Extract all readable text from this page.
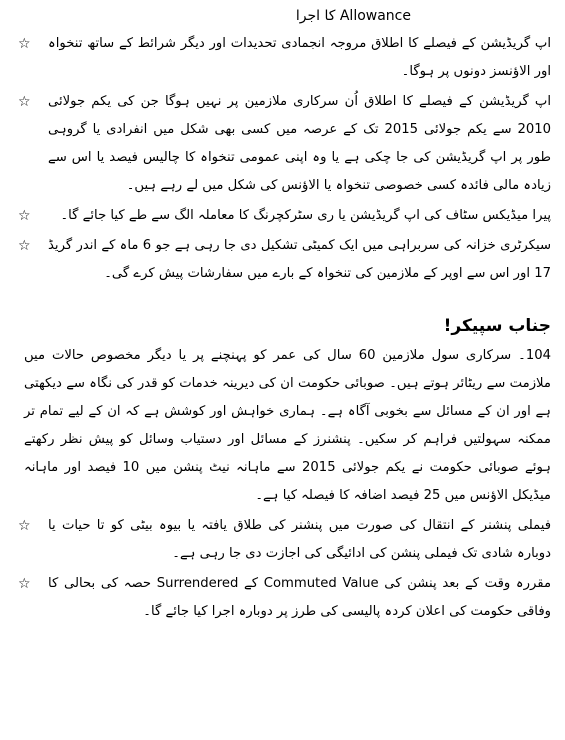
Allowance کا اجرا
☆ اپ گریڈیشن کے فیصلے کا اطلاق مروجہ انجمادی تحدیدات اور دیگر شرائط کے ساتھ تنخواہ اور الاؤنسز دونوں پر ہوگا۔
☆ اپ گریڈیشن کے فیصلے کا اطلاق اُن سرکاری ملازمین پر نہیں ہوگا جن کی یکم جولائی 2010 سے یکم جولائی 2015 تک کے عرصہ میں کسی بھی شکل میں انفرادی یا گروہی طور پر اپ گریڈیشن کی جا چکی ہے یا وہ اپنی عمومی تنخواہ کا چالیس فیصد یا اس سے زیادہ مالی فائدہ کسی خصوصی تنخواہ یا الاؤنس کی شکل میں لے رہے ہیں۔
☆ پیرا میڈیکس سٹاف کی اپ گریڈیشن یا ری سٹرکچرنگ کا معاملہ الگ سے طے کیا جائے گا۔
☆ سیکرٹری خزانہ کی سربراہی میں ایک کمیٹی تشکیل دی جا رہی ہے جو 6 ماہ کے اندر گریڈ 17 اور اس سے اوپر کے ملازمین کی تنخواہ کے بارے میں سفارشات پیش کرے گی۔
جناب سپیکر!
104۔ سرکاری سول ملازمین 60 سال کی عمر کو پہنچنے پر یا دیگر مخصوص حالات میں ملازمت سے ریٹائر ہوتے ہیں۔ صوبائی حکومت ان کی دیرینہ خدمات کو قدر کی نگاہ سے دیکھتی ہے اور ان کے مسائل سے بخوبی آگاہ ہے۔ ہماری خواہش اور کوشش ہے کہ ان کے لیے تمام تر ممکنہ سہولتیں فراہم کر سکیں۔ پنشنرز کے مسائل اور دستیاب وسائل کو پیش نظر رکھتے ہوئے صوبائی حکومت نے یکم جولائی 2015 سے ماہانہ نیٹ پنشن میں 10 فیصد اور ماہانہ میڈیکل الاؤنس میں 25 فیصد اضافہ کا فیصلہ کیا ہے۔
☆ فیملی پنشنر کے انتقال کی صورت میں پنشنر کی طلاق یافتہ یا بیوہ بیٹی کو تا حیات یا دوبارہ شادی تک فیملی پنشن کی ادائیگی کی اجازت دی جا رہی ہے۔
☆ مقررہ وقت کے بعد پنشن کی Commuted Value کے Surrendered حصہ کی بحالی کا وفاقی حکومت کی اعلان کردہ پالیسی کی طرز پر دوبارہ اجرا کیا جائے گا۔
